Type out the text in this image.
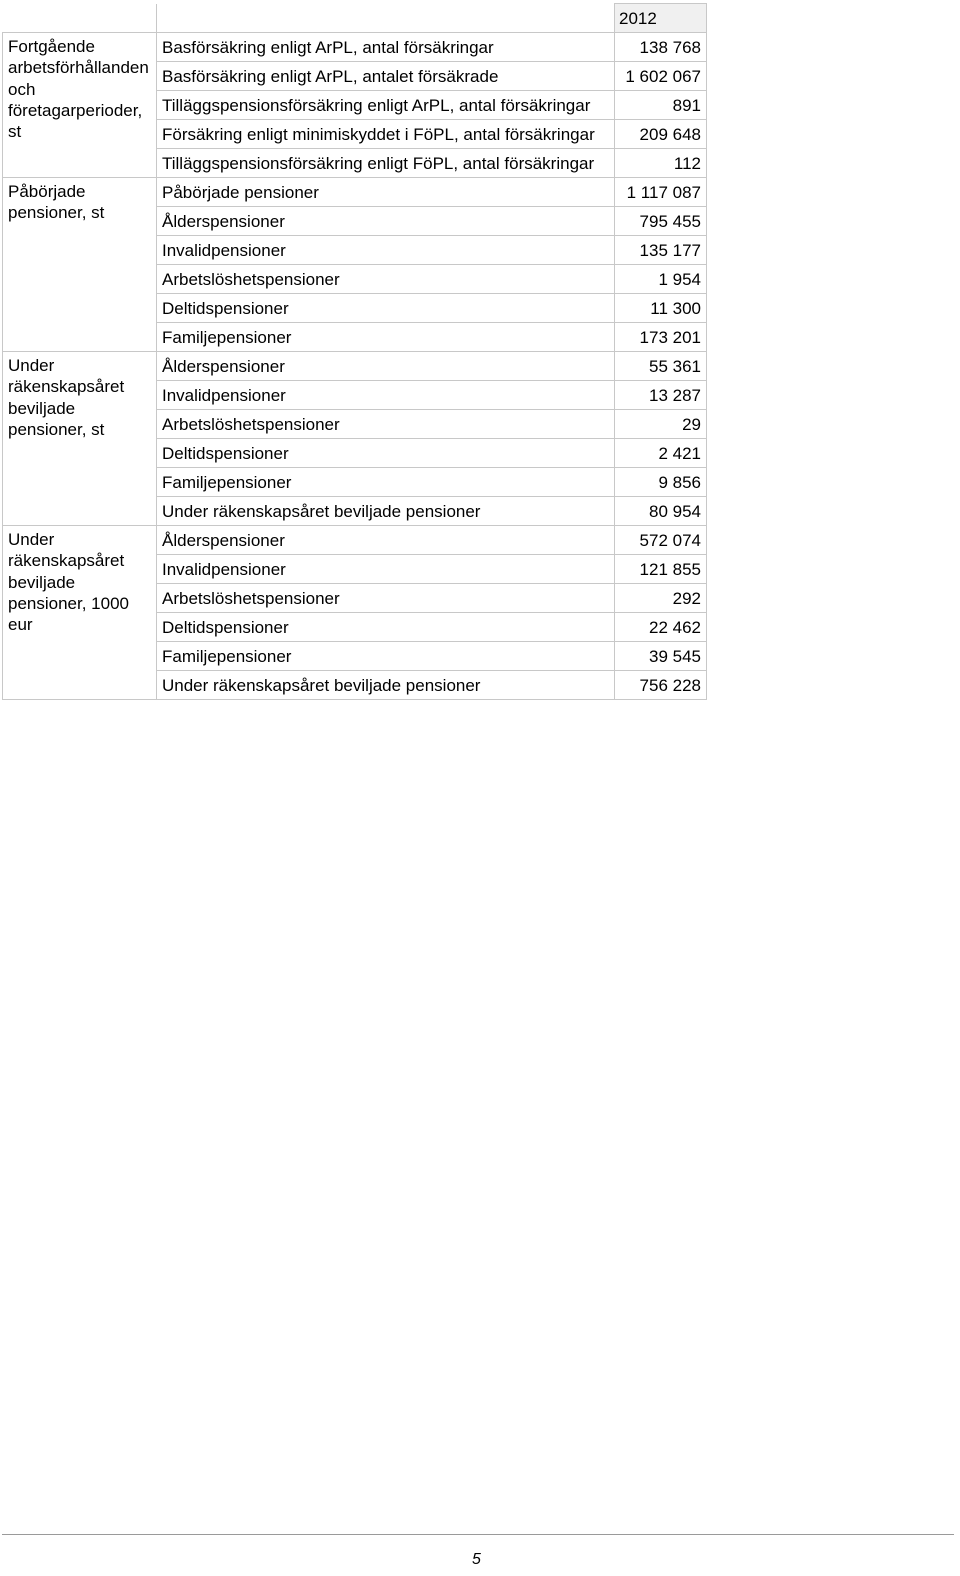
		2012
Fortgående arbetsförhållanden och företagarperioder, st	Basförsäkring enligt ArPL, antal försäkringar	138 768
	Basförsäkring enligt ArPL, antalet försäkrade	1 602 067
	Tilläggspensionsförsäkring enligt ArPL, antal försäkringar	891
	Försäkring enligt minimiskyddet i FöPL, antal försäkringar	209 648
	Tilläggspensionsförsäkring enligt FöPL, antal försäkringar	112
Påbörjade pensioner, st	Påbörjade pensioner	1 117 087
	Ålderspensioner	795 455
	Invalidpensioner	135 177
	Arbetslöshetspensioner	1 954
	Deltidspensioner	11 300
	Familjepensioner	173 201
Under räkenskapsåret beviljade pensioner, st	Ålderspensioner	55 361
	Invalidpensioner	13 287
	Arbetslöshetspensioner	29
	Deltidspensioner	2 421
	Familjepensioner	9 856
	Under räkenskapsåret beviljade pensioner	80 954
Under räkenskapsåret beviljade pensioner, 1000 eur	Ålderspensioner	572 074
	Invalidpensioner	121 855
	Arbetslöshetspensioner	292
	Deltidspensioner	22 462
	Familjepensioner	39 545
	Under räkenskapsåret beviljade pensioner	756 228
5
